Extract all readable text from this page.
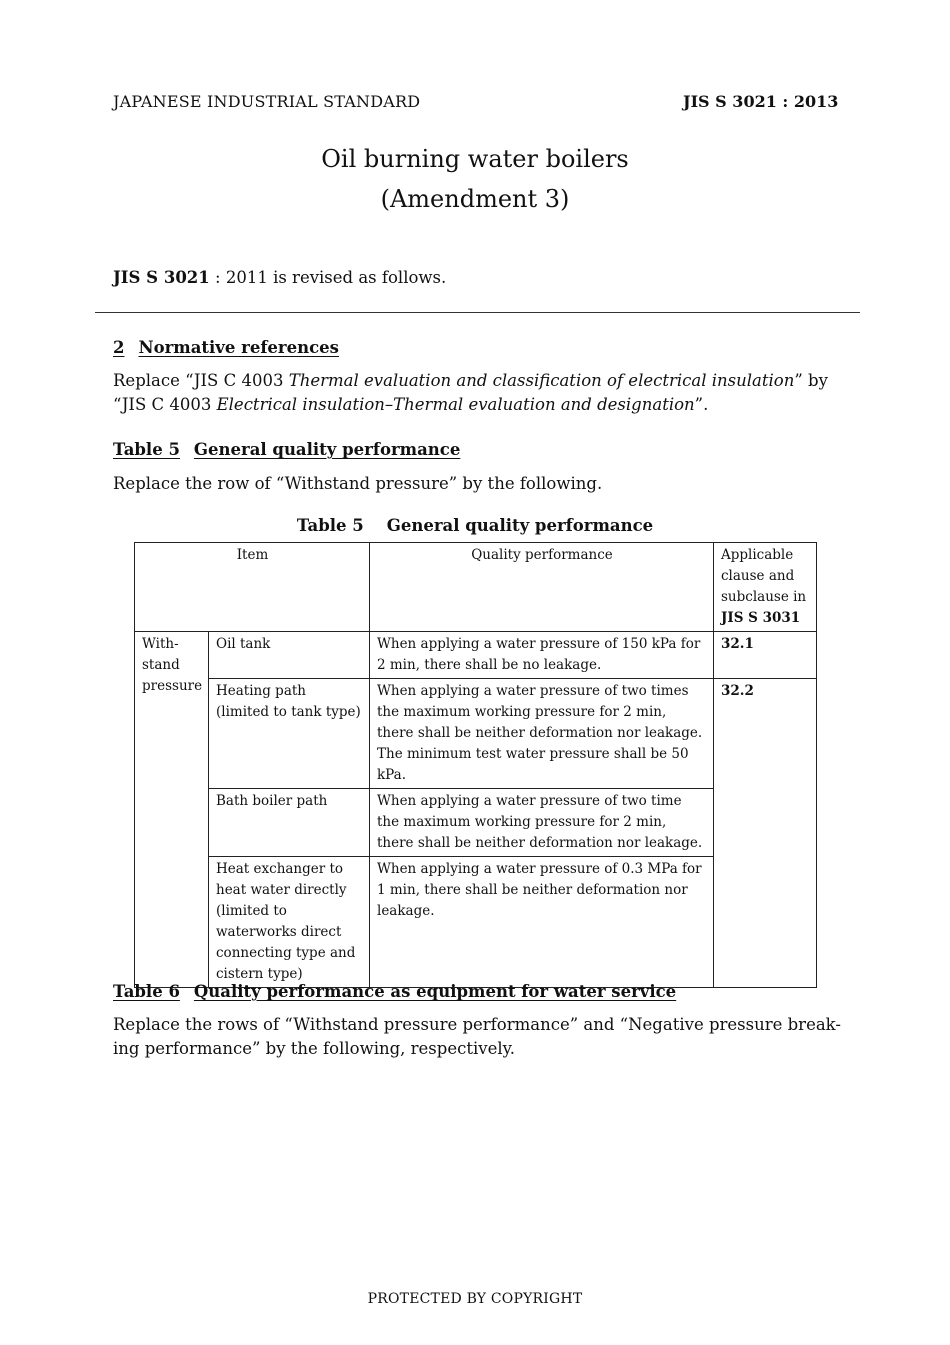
JAPANESE INDUSTRIAL STANDARD	JIS S 3021 : 2013
Oil burning water boilers
(Amendment 3)
JIS S 3021 : 2011 is revised as follows.
2 Normative references
Replace “JIS C 4003 Thermal evaluation and classification of electrical insulation” by
“JIS C 4003 Electrical insulation–Thermal evaluation and designation”.
Table 5 General quality performance
Replace the row of “Withstand pressure” by the following.
Table 5    General quality performance
Item		Quality performance	Applicable clause and subclause in
JIS S 3031
With-stand pressure	Oil tank	When applying a water pressure of 150 kPa for 2 min, there shall be no leakage.	32.1
	Heating path (limited to tank type)	When applying a water pressure of two times the maximum working pressure for 2 min, there shall be neither deformation nor leakage. The minimum test water pressure shall be 50 kPa.	32.2
	Bath boiler path	When applying a water pressure of two time the maximum working pressure for 2 min, there shall be neither deformation nor leakage.	
	Heat exchanger to heat water directly (limited to waterworks direct connecting type and cistern type)	When applying a water pressure of 0.3 MPa for 1 min, there shall be neither deformation nor leakage.	
Table 6 Quality performance as equipment for water service
Replace the rows of “Withstand pressure performance” and “Negative pressure break-ing performance” by the following, respectively.
PROTECTED BY COPYRIGHT
